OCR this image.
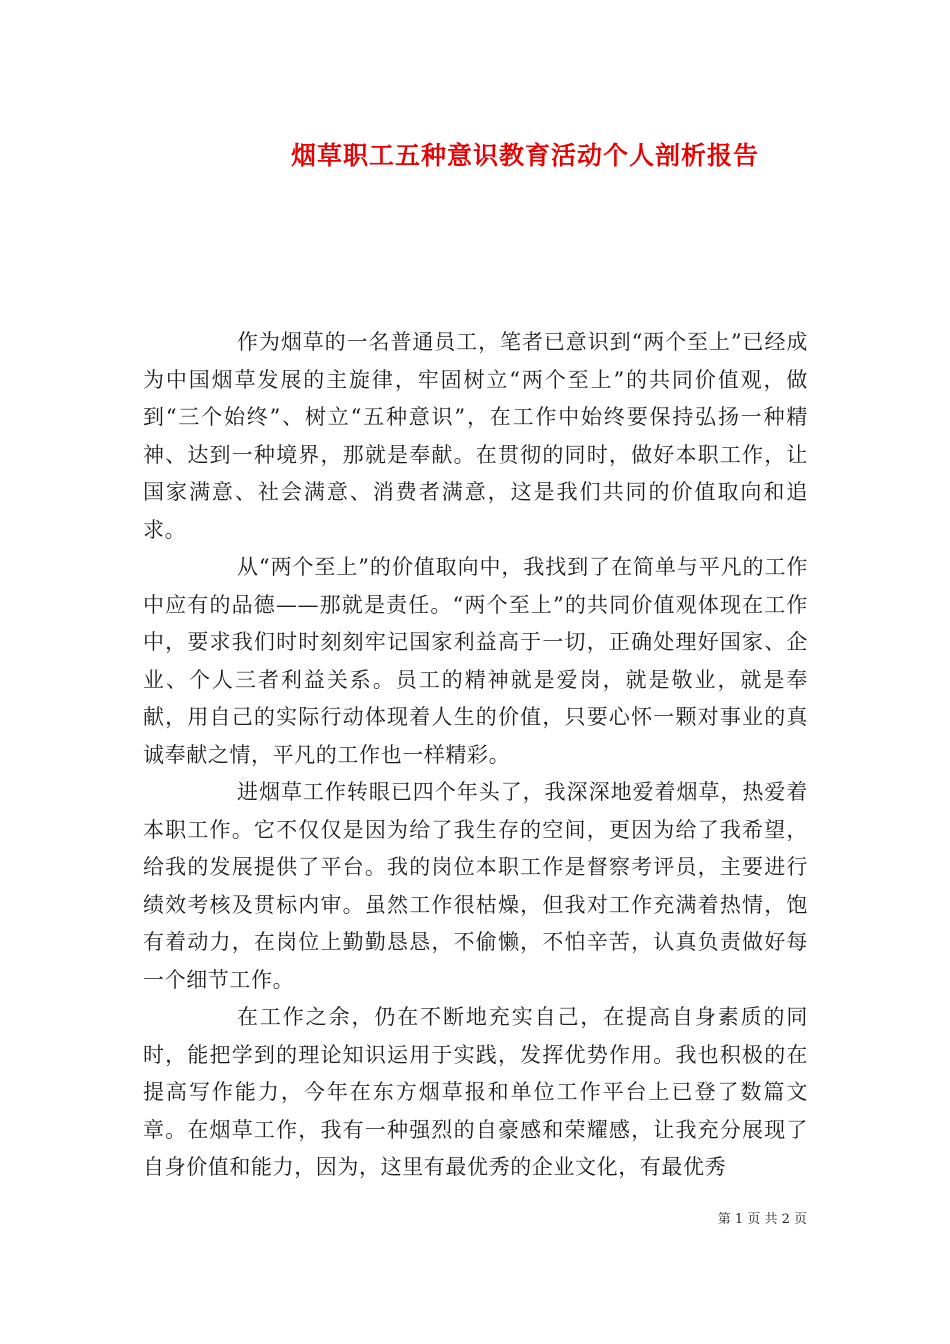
烟草职工五种意识教育活动个人剖析报告

作为烟草的一名普通员工，笔者已意识到“两个至上”已经成为中国烟草发展的主旋律，牢固树立“两个至上”的共同价值观，做到“三个始终”、树立“五种意识”，在工作中始终要保持弘扬一种精神、达到一种境界，那就是奉献。在贯彻的同时，做好本职工作，让国家满意、社会满意、消费者满意，这是我们共同的价值取向和追求。

从“两个至上”的价值取向中，我找到了在简单与平凡的工作中应有的品德——那就是责任。“两个至上”的共同价值观体现在工作中，要求我们时时刻刻牢记国家利益高于一切，正确处理好国家、企业、个人三者利益关系。员工的精神就是爱岗，就是敬业，就是奉献，用自己的实际行动体现着人生的价值，只要心怀一颗对事业的真诚奉献之情，平凡的工作也一样精彩。

进烟草工作转眼已四个年头了，我深深地爱着烟草，热爱着本职工作。它不仅仅是因为给了我生存的空间，更因为给了我希望，给我的发展提供了平台。我的岗位本职工作是督察考评员，主要进行绩效考核及贯标内审。虽然工作很枯燥，但我对工作充满着热情，饱有着动力，在岗位上勤勤恳恳，不偷懒，不怕辛苦，认真负责做好每一个细节工作。

在工作之余，仍在不断地充实自己，在提高自身素质的同时，能把学到的理论知识运用于实践，发挥优势作用。我也积极的在提高写作能力，今年在东方烟草报和单位工作平台上已登了数篇文章。在烟草工作，我有一种强烈的自豪感和荣耀感，让我充分展现了自身价值和能力，因为，这里有最优秀的企业文化，有最优秀

第 1 页 共 2 页
